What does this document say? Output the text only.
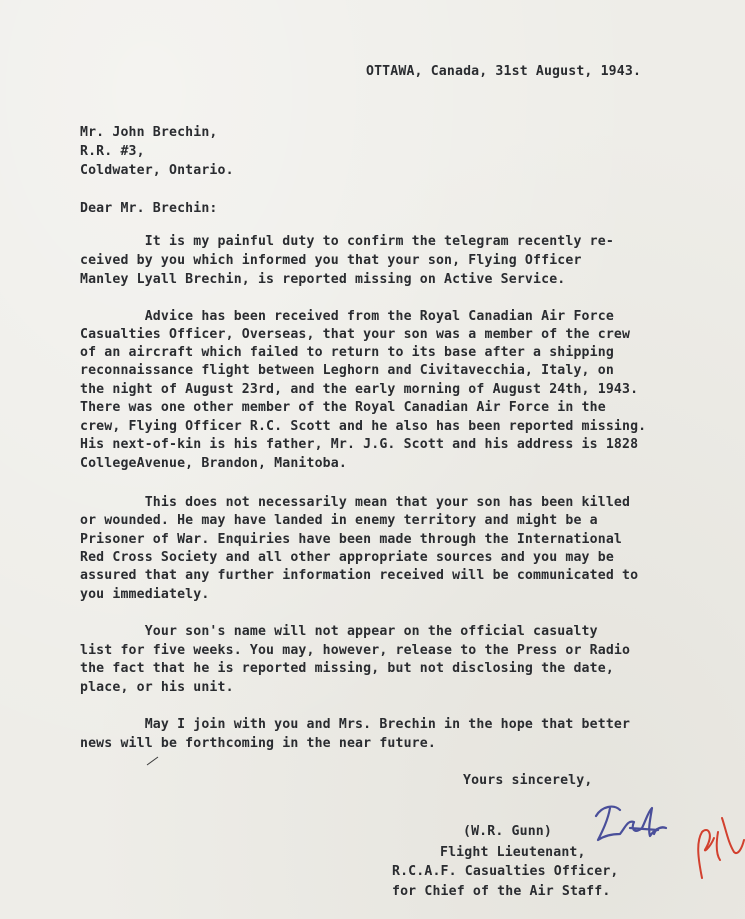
OTTAWA, Canada, 31st August, 1943.
Mr. John Brechin,
R.R. #3,
Coldwater, Ontario.
Dear Mr. Brechin:
It is my painful duty to confirm the telegram recently re-
ceived by you which informed you that your son, Flying Officer
Manley Lyall Brechin, is reported missing on Active Service.
Advice has been received from the Royal Canadian Air Force
Casualties Officer, Overseas, that your son was a member of the crew
of an aircraft which failed to return to its base after a shipping
reconnaissance flight between Leghorn and Civitavecchia, Italy, on
the night of August 23rd, and the early morning of August 24th, 1943.
There was one other member of the Royal Canadian Air Force in the
crew, Flying Officer R.C. Scott and he also has been reported missing.
His next-of-kin is his father, Mr. J.G. Scott and his address is 1828
CollegeAvenue, Brandon, Manitoba.
This does not necessarily mean that your son has been killed
or wounded. He may have landed in enemy territory and might be a
Prisoner of War. Enquiries have been made through the International
Red Cross Society and all other appropriate sources and you may be
assured that any further information received will be communicated to
you immediately.
Your son's name will not appear on the official casualty
list for five weeks. You may, however, release to the Press or Radio
the fact that he is reported missing, but not disclosing the date,
place, or his unit.
May I join with you and Mrs. Brechin in the hope that better
news will be forthcoming in the near future.
Yours sincerely,
(W.R. Gunn)
Flight Lieutenant,
R.C.A.F. Casualties Officer,
for Chief of the Air Staff.
